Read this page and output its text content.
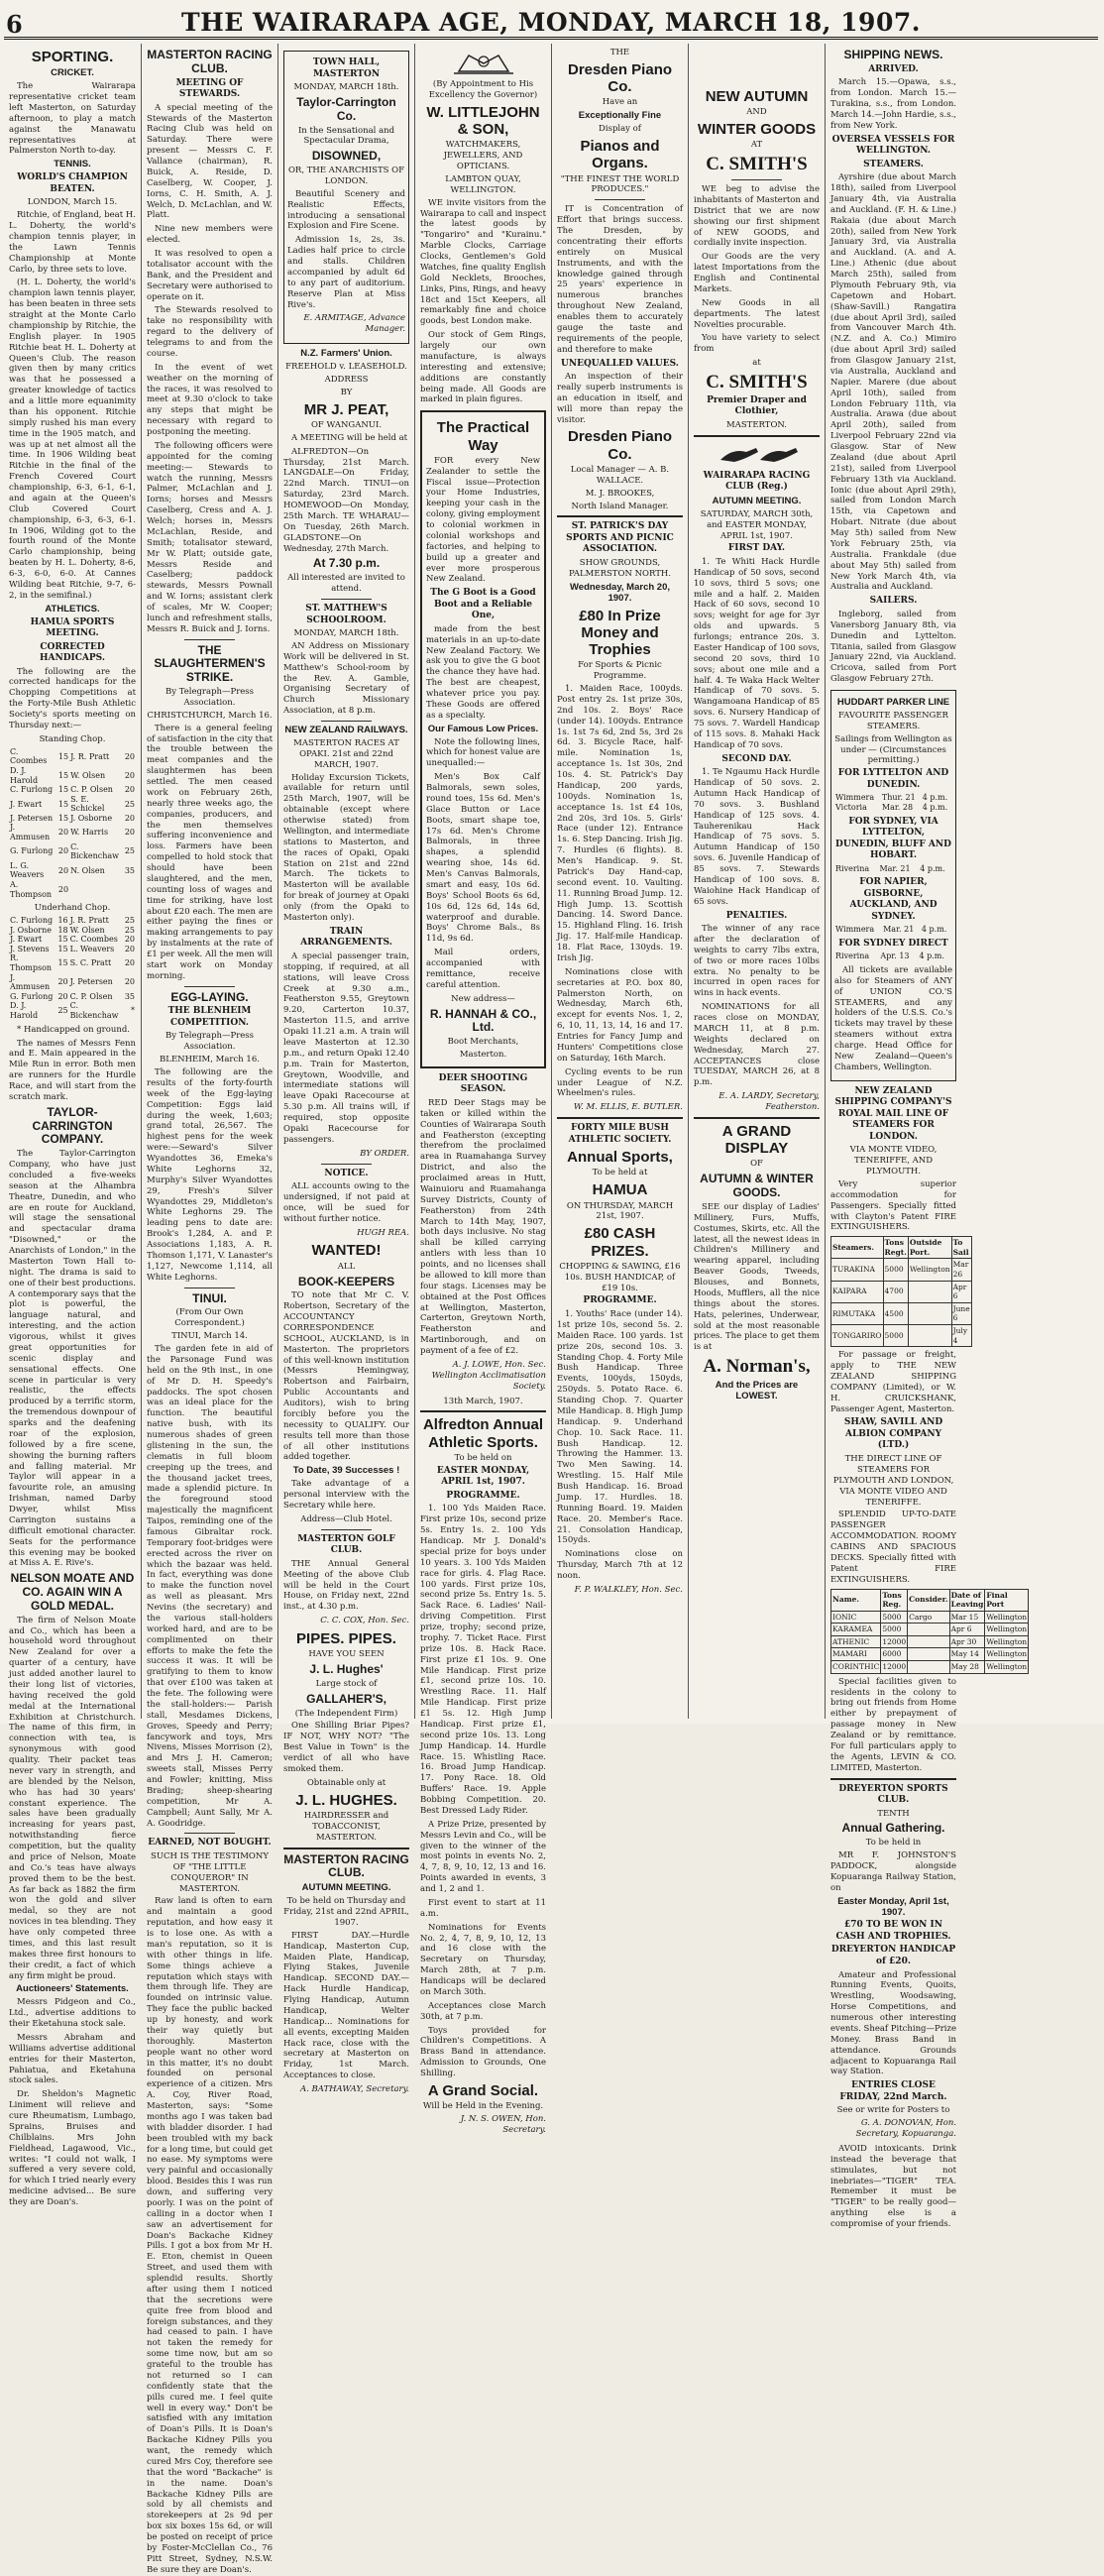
6	THE WAIRARAPA AGE, MONDAY, MARCH 18, 1907.
SPORTING.
CRICKET.

The Wairarapa representative cricket team left Masterton, on Saturday afternoon, to play a match against the Manawatu representatives at Palmerston North to-day.

TENNIS.
WORLD'S CHAMPION BEATEN.
LONDON, March 15.

Ritchie, of England, beat H. L. Doherty, the world's champion tennis player, in the Lawn Tennis Championship at Monte Carlo, by three sets to love.

(H. L. Doherty, the world's champion lawn tennis player, has been beaten in three sets straight at the Monte Carlo championship by Ritchie, the English player. In 1905 Ritchie beat H. L. Doherty at Queen's Club. The reason given then by many critics was that he possessed a greater knowledge of tactics and a little more equanimity than his opponent. Ritchie simply rushed his man every time in the 1905 match, and was up at net almost all the time. In 1906 Wilding beat Ritchie in the final of the French Covered Court championship, 6-3, 6-1, 6-1, and again at the Queen's Club Covered Court championship, 6-3, 6-3, 6-1. In 1906, Wilding got to the fourth round of the Monte Carlo championship, being beaten by H. L. Doherty, 8-6, 6-3, 6-0, 6-0. At Cannes Wilding beat Ritchie, 9-7, 6-2, in the semifinal.)

ATHLETICS.
HAMUA SPORTS MEETING.
CORRECTED HANDICAPS.

The following are the corrected handicaps for the Chopping Competitions at the Forty-Mile Bush Athletic Society's sports meeting on Thursday next:—

Standing Chop.
C. Coombes	15	J. R. Pratt	20
D. J. Harold	15	W. Olsen	20
C. Furlong	15	C. P. Olsen	20
J. Ewart	15	S. E. Schickel	25
J. Petersen	15	J. Osborne	20
J. Ammusen	20	W. Harris	20
G. Furlong	20	C. Bickenchaw	25
L. G. Weavers	20	N. Olsen	35
A. Thompson	20		
Underhand Chop.
C. Furlong	16	J. R. Pratt	25
J. Osborne	18	W. Olsen	25
J. Ewart	15	C. Coombes	20
J. Stevens	15	L. Weavers	20
R. Thompson	15	S. C. Pratt	20
J. Ammusen	20	J. Petersen	20
G. Furlong	20	C. P. Olsen	35
D. J. Harold	25	C. Bickenchaw	*

* Handicapped on ground.

The names of Messrs Fenn and E. Main appeared in the Mile Run in error. Both men are runners for the Hurdle Race, and will start from the scratch mark.

TAYLOR-CARRINGTON COMPANY.

The Taylor-Carrington Company, who have just concluded a five-weeks season at the Alhambra Theatre, Dunedin, and who are en route for Auckland, will stage the sensational and spectacular drama "Disowned," or the Anarchists of London," in the Masterton Town Hall to-night. The drama is said to one of their best productions. A contemporary says that the plot is powerful, the language natural, and interesting, and the action vigorous, whilst it gives great opportunities for scenic display and sensational effects. One scene in particular is very realistic, the effects produced by a terrific storm, the tremendous downpour of sparks and the deafening roar of the explosion, followed by a fire scene, showing the burning rafters and falling material. Mr Taylor will appear in a favourite role, an amusing Irishman, named Darby Dwyer, whilst Miss Carrington sustains a difficult emotional character. Seats for the performance this evening may be booked at Miss A. E. Rive's.

NELSON MOATE AND CO. AGAIN WIN A GOLD MEDAL.

The firm of Nelson Moate and Co., which has been a household word throughout New Zealand for over a quarter of a century, have just added another laurel to their long list of victories, having received the gold medal at the International Exhibition at Christchurch. The name of this firm, in connection with tea, is synonymous with good quality. Their packet teas never vary in strength, and are blended by the Nelson, who has had 30 years' constant experience. The sales have been gradually increasing for years past, notwithstanding fierce competition, but the quality and price of Nelson, Moate and Co.'s teas have always proved them to be the best. As far back as 1882 the firm won the gold and silver medal, so they are not novices in tea blending. They have only competed three times, and this last result makes three first honours to their credit, a fact of which any firm might be proud.

Auctioneers' Statements.

Messrs Pidgeon and Co., Ltd., advertise additions to their Eketahuna stock sale.

Messrs Abraham and Williams advertise additional entries for their Masterton, Pahiatua, and Eketahuna stock sales.

Dr. Sheldon's Magnetic Liniment will relieve and cure Rheumatism, Lumbago, Sprains, Bruises and Chilblains. Mrs John Fieldhead, Lagawood, Vic., writes: "I could not walk, I suffered a very severe cold, for which I tried nearly every medicine advised... Be sure they are Doan's.

MASTERTON RACING CLUB.
MEETING OF STEWARDS.

A special meeting of the Stewards of the Masterton Racing Club was held on Saturday. There were present — Messrs C. F. Vallance (chairman), R. Buick, A. Reside, D. Caselberg, W. Cooper, J. Iorns, C. H. Smith, A. J. Welch, D. McLachlan, and W. Platt.

Nine new members were elected.

It was resolved to open a totalisator account with the Bank, and the President and Secretary were authorised to operate on it.

The Stewards resolved to take no responsibility with regard to the delivery of telegrams to and from the course.

In the event of wet weather on the morning of the races, it was resolved to meet at 9.30 o'clock to take any steps that might be necessary with regard to postponing the meeting.

The following officers were appointed for the coming meeting:— Stewards to watch the running, Messrs Palmer, McLachlan and J. Iorns; horses and Messrs Caselberg, Cress and A. J. Welch; horses in, Messrs McLachlan, Reside, and Smith; totalisator steward, Mr W. Platt; outside gate, Messrs Reside and Caselberg; paddock stewards, Messrs Pownall and W. Iorns; assistant clerk of scales, Mr W. Cooper; lunch and refreshment stalls, Messrs R. Buick and J. Iorns.

THE SLAUGHTERMEN'S STRIKE.
By Telegraph—Press Association.
CHRISTCHURCH, March 16.

There is a general feeling of satisfaction in the city that the trouble between the meat companies and the slaughtermen has been settled. The men ceased work on February 26th, nearly three weeks ago, the companies, producers, and the men themselves suffering inconvenience and loss. Farmers have been compelled to hold stock that should have been slaughtered, and the men, counting loss of wages and time for striking, have lost about £20 each. The men are either paying the fines or making arrangements to pay by instalments at the rate of £1 per week. All the men will start work on Monday morning.

EGG-LAYING.
THE BLENHEIM COMPETITION.
By Telegraph—Press Association.
BLENHEIM, March 16.

The following are the results of the forty-fourth week of the Egg-laying Competition: Eggs laid during the week, 1,603; grand total, 26,567. The highest pens for the week were:—Seward's Silver Wyandottes 36, Emeka's White Leghorns 32, Murphy's Silver Wyandottes 29, Fresh's Silver Wyandottes 29, Middleton's White Leghorns 29. The leading pens to date are: Brook's 1,284, A. and P. Associations 1,183, A. R. Thomson 1,171, V. Lanaster's 1,127, Newcome 1,114, all White Leghorns.

TINUI.
(From Our Own Correspondent.)
TINUI, March 14.

The garden fete in aid of the Parsonage Fund was held on the 9th inst., in one of Mr D. H. Speedy's paddocks. The spot chosen was an ideal place for the function. The beautiful native bush, with its numerous shades of green glistening in the sun, the clematis in full bloom creeping up the trees, and the thousand jacket trees, made a splendid picture. In the foreground stood majestically the magnificent Taipos, reminding one of the famous Gibraltar rock. Temporary foot-bridges were erected across the river on which the bazaar was held. In fact, everything was done to make the function novel as well as pleasant. Mrs Nevins (the secretary) and the various stall-holders worked hard, and are to be complimented on their efforts to make the fete the success it was. It will be gratifying to them to know that over £100 was taken at the fete. The following were the stall-holders:— Parish stall, Mesdames Dickens, Groves, Speedy and Perry; fancywork and toys, Mrs Nivens, Misses Morrison (2), and Mrs J. H. Cameron; sweets stall, Misses Perry and Fowler; knitting, Miss Brading; sheep-shearing competition, Mr A. Campbell; Aunt Sally, Mr A. A. Goodridge.

EARNED, NOT BOUGHT.
SUCH IS THE TESTIMONY OF "THE LITTLE CONQUEROR" IN MASTERTON.

Raw land is often to earn and maintain a good reputation, and how easy it is to lose one. As with a man's reputation, so it is with other things in life. Some things achieve a reputation which stays with them through life. They are founded on intrinsic value. They face the public backed up by honesty, and work their way quietly but thoroughly. Masterton people want no other word in this matter, it's no doubt founded on personal experience of a citizen. Mrs A. Coy, River Road, Masterton, says: "Some months ago I was taken bad with bladder disorder. I had been troubled with my back for a long time, but could get no ease. My symptoms were very painful and occasionally blood. Besides this I was run down, and suffering very poorly. I was on the point of calling in a doctor when I saw an advertisement for Doan's Backache Kidney Pills. I got a box from Mr H. E. Eton, chemist in Queen Street, and used them with splendid results. Shortly after using them I noticed that the secretions were quite free from blood and foreign substances, and they had ceased to pain. I have not taken the remedy for some time now, but am so grateful to the trouble has not returned so I can confidently state that the pills cured me. I feel quite well in every way." Don't be satisfied with any imitation of Doan's Pills. It is Doan's Backache Kidney Pills you want, the remedy which cured Mrs Coy, therefore see that the word "Backache" is in the name. Doan's Backache Kidney Pills are sold by all chemists and storekeepers at 2s 9d per box six boxes 15s 6d, or will be posted on receipt of price by Foster-McClellan Co., 76 Pitt Street, Sydney, N.S.W. Be sure they are Doan's.

TOWN HALL, MASTERTON
MONDAY, MARCH 18th.
Taylor-Carrington Co.
In the Sensational and Spectacular Drama,
DISOWNED,
OR, THE ANARCHISTS OF LONDON.

Beautiful Scenery and Realistic Effects, introducing a sensational Explosion and Fire Scene.

Admission 1s, 2s, 3s. Ladies half price to circle and stalls. Children accompanied by adult 6d to any part of auditorium. Reserve Plan at Miss Rive's.

E. ARMITAGE, Advance Manager.
N.Z. Farmers' Union.
FREEHOLD v. LEASEHOLD.
ADDRESS
BY
MR J. PEAT,
OF WANGANUI.

A MEETING will be held at

ALFREDTON—On Thursday, 21st March. LANGDALE—On Friday, 22nd March. TINUI—on Saturday, 23rd March. HOMEWOOD—On Monday, 25th March. TE WHARAU—On Tuesday, 26th March. GLADSTONE—On Wednesday, 27th March.

At 7.30 p.m.
All interested are invited to attend.
ST. MATTHEW'S SCHOOLROOM.
MONDAY, MARCH 18th.

AN Address on Missionary Work will be delivered in St. Matthew's School-room by the Rev. A. Gamble, Organising Secretary of Church Missionary Association, at 8 p.m.

NEW ZEALAND RAILWAYS.
MASTERTON RACES AT OPAKI. 21st and 22nd MARCH, 1907.

Holiday Excursion Tickets, available for return until 25th March, 1907, will be obtainable (except where otherwise stated) from Wellington, and intermediate stations to Masterton, and the races of Opaki, Opaki Station on 21st and 22nd March. The tickets to Masterton will be available for break of journey at Opaki only (from the Opaki to Masterton only).

TRAIN ARRANGEMENTS.

A special passenger train, stopping, if required, at all stations, will leave Cross Creek at 9.30 a.m., Featherston 9.55, Greytown 9.20, Carterton 10.37, Masterton 11.5, and arrive Opaki 11.21 a.m. A train will leave Masterton at 12.30 p.m., and return Opaki 12.40 p.m. Train for Masterton, Greytown, Woodville, and intermediate stations will leave Opaki Racecourse at 5.30 p.m. All trains will, if required, stop opposite Opaki Racecourse for passengers.

BY ORDER.
NOTICE.

ALL accounts owing to the undersigned, if not paid at once, will be sued for without further notice.

HUGH REA.
WANTED!
ALL
BOOK-KEEPERS

TO note that Mr C. V. Robertson, Secretary of the ACCOUNTANCY CORRESPONDENCE SCHOOL, AUCKLAND, is in Masterton. The proprietors of this well-known institution (Messrs Hemingway, Robertson and Fairbairn, Public Accountants and Auditors), wish to bring forcibly before you the necessity to QUALIFY. Our results tell more than those of all other institutions added together.

To Date, 39 Successes !

Take advantage of a personal interview with the Secretary while here.

Address—Club Hotel.
MASTERTON GOLF CLUB.

THE Annual General Meeting of the above Club will be held in the Court House, on Friday next, 22nd inst., at 4.30 p.m.

C. C. COX, Hon. Sec.
PIPES. PIPES.
HAVE YOU SEEN
J. L. Hughes'
Large stock of
GALLAHER'S,
(The Independent Firm)

One Shilling Briar Pipes? IF NOT, WHY NOT? "The Best Value in Town" is the verdict of all who have smoked them.

Obtainable only at
J. L. HUGHES.
HAIRDRESSER and TOBACCONIST, MASTERTON.
MASTERTON RACING CLUB.
AUTUMN MEETING.
To be held on Thursday and Friday, 21st and 22nd APRIL, 1907.

FIRST DAY.—Hurdle Handicap, Masterton Cup, Maiden Plate, Handicap, Flying Stakes, Juvenile Handicap. SECOND DAY.—Hack Hurdle Handicap, Flying Handicap, Autumn Handicap, Welter Handicap... Nominations for all events, excepting Maiden Hack race, close with the secretary at Masterton on Friday, 1st March. Acceptances to close.

A. BATHAWAY, Secretary.
(By Appointment to His Excellency the Governor)
W. LITTLEJOHN & SON,
WATCHMAKERS, JEWELLERS, AND OPTICIANS.
LAMBTON QUAY, WELLINGTON.

WE invite visitors from the Wairarapa to call and inspect the latest goods by "Tongariro" and "Kurainu." Marble Clocks, Carriage Clocks, Gentlemen's Gold Watches, fine quality English Gold Necklets, Brooches, Links, Pins, Rings, and heavy 18ct and 15ct Keepers, all remarkably fine and choice goods, best London make.

Our stock of Gem Rings, largely our own manufacture, is always interesting and extensive; additions are constantly being made. All Goods are marked in plain figures.

The Practical Way

FOR every New Zealander to settle the Fiscal issue—Protection your Home Industries, keeping your cash in the colony, giving employment to colonial workmen in colonial workshops and factories, and helping to build up a greater and ever more prosperous New Zealand.

The G Boot is a Good Boot and a Reliable One,

made from the best materials in an up-to-date New Zealand Factory. We ask you to give the G boot the chance they have had. The best are cheapest, whatever price you pay. These Goods are offered as a specialty.

Our Famous Low Prices.

Note the following lines, which for honest value are unequalled:—

Men's Box Calf Balmorals, sewn soles, round toes, 15s 6d. Men's Glace Button or Lace Boots, smart shape toe, 17s 6d. Men's Chrome Balmorals, in three shapes, a splendid wearing shoe, 14s 6d. Men's Canvas Balmorals, smart and easy, 10s 6d. Boys' School Boots 6s 6d, 10s 6d, 12s 6d, 14s 6d, waterproof and durable. Boys' Chrome Bals., 8s 11d, 9s 6d.

Mail orders, accompanied with remittance, receive careful attention.

New address—
R. HANNAH & CO., Ltd.
Boot Merchants,
Masterton.
DEER SHOOTING SEASON.

RED Deer Stags may be taken or killed within the Counties of Wairarapa South and Featherston (excepting therefrom the proclaimed area in Ruamahanga Survey District, and also the proclaimed areas in Hutt, Wainuioru and Ruamahanga Survey Districts, County of Featherston) from 24th March to 14th May, 1907, both days inclusive. No stag shall be killed carrying antlers with less than 10 points, and no licenses shall be allowed to kill more than four stags. Licenses may be obtained at the Post Offices at Wellington, Masterton, Carterton, Greytown North, Featherston and Martinborough, and on payment of a fee of £2.

A. J. LOWE, Hon. Sec. Wellington Acclimatisation Society.
13th March, 1907.
Alfredton Annual Athletic Sports.
To be held on
EASTER MONDAY, APRIL 1st, 1907.
PROGRAMME.

1. 100 Yds Maiden Race. First prize 10s, second prize 5s. Entry 1s. 2. 100 Yds Handicap. Mr J. Donald's special prize for boys under 10 years. 3. 100 Yds Maiden race for girls. 4. Flag Race. 100 yards. First prize 10s, second prize 5s. Entry 1s. 5. Sack Race. 6. Ladies' Nail-driving Competition. First prize, trophy; second prize, trophy. 7. Ticket Race. First prize 10s. 8. Hack Race. First prize £1 10s. 9. One Mile Handicap. First prize £1, second prize 10s. 10. Wrestling Race. 11. Half Mile Handicap. First prize £1 5s. 12. High Jump Handicap. First prize £1, second prize 10s. 13. Long Jump Handicap. 14. Hurdle Race. 15. Whistling Race. 16. Broad Jump Handicap. 17. Pony Race. 18. Old Buffers' Race. 19. Apple Bobbing Competition. 20. Best Dressed Lady Rider.

A Prize Prize, presented by Messrs Levin and Co., will be given to the winner of the most points in events No. 2, 4, 7, 8, 9, 10, 12, 13 and 16. Points awarded in events, 3 and 1, 2 and 1.

First event to start at 11 a.m.

Nominations for Events No. 2, 4, 7, 8, 9, 10, 12, 13 and 16 close with the Secretary on Thursday, March 28th, at 7 p.m. Handicaps will be declared on March 30th.

Acceptances close March 30th, at 7 p.m.

Toys provided for Children's Competitions. A Brass Band in attendance. Admission to Grounds, One Shilling.

A Grand Social.
Will be Held in the Evening.
J. N. S. OWEN, Hon. Secretary.
THE
Dresden Piano Co.
Have an
Exceptionally Fine
Display of
Pianos and Organs.
"THE FINEST THE WORLD PRODUCES."

IT is Concentration of Effort that brings success. The Dresden, by concentrating their efforts entirely on Musical Instruments, and with the knowledge gained through 25 years' experience in numerous branches throughout New Zealand, enables them to accurately gauge the taste and requirements of the people, and therefore to make

UNEQUALLED VALUES.

An inspection of their really superb instruments is an education in itself, and will more than repay the visitor.

Dresden Piano Co.
Local Manager — A. B. WALLACE.
M. J. BROOKES,
North Island Manager.
ST. PATRICK'S DAY SPORTS AND PICNIC ASSOCIATION.
SHOW GROUNDS, PALMERSTON NORTH.
Wednesday, March 20, 1907.
£80 In Prize Money and Trophies
For Sports & Picnic Programme.

1. Maiden Race, 100yds. Post entry 2s. 1st prize 30s, 2nd 10s. 2. Boys' Race (under 14). 100yds. Entrance 1s. 1st 7s 6d, 2nd 5s, 3rd 2s 6d. 3. Bicycle Race, half-mile. Nomination 1s, acceptance 1s. 1st 30s, 2nd 10s. 4. St. Patrick's Day Handicap, 200 yards, 100yds. Nomination 1s, acceptance 1s. 1st £4 10s, 2nd 20s, 3rd 10s. 5. Girls' Race (under 12). Entrance 1s. 6. Step Dancing. Irish Jig. 7. Hurdles (6 flights). 8. Men's Handicap. 9. St. Patrick's Day Hand-cap, second event. 10. Vaulting. 11. Running Broad Jump. 12. High Jump. 13. Scottish Dancing. 14. Sword Dance. 15. Highland Fling. 16. Irish Jig. 17. Half-mile Handicap. 18. Flat Race, 130yds. 19. Irish Jig.

Nominations close with secretaries at P.O. box 80, Palmerston North, on Wednesday, March 6th, except for events Nos. 1, 2, 6, 10, 11, 13, 14, 16 and 17. Entries for Fancy Jump and Hunters' Competitions close on Saturday, 16th March.

Cycling events to be run under League of N.Z. Wheelmen's rules.

W. M. ELLIS, E. BUTLER.
FORTY MILE BUSH ATHLETIC SOCIETY.
Annual Sports,
To be held at
HAMUA
ON THURSDAY, MARCH 21st, 1907.
£80 CASH PRIZES.
CHOPPING & SAWING, £16 10s. BUSH HANDICAP, of £19 10s.
PROGRAMME.

1. Youths' Race (under 14). 1st prize 10s, second 5s. 2. Maiden Race. 100 yards. 1st prize 20s, second 10s. 3. Standing Chop. 4. Forty Mile Bush Handicap. Three Events, 100yds, 150yds, 250yds. 5. Potato Race. 6. Standing Chop. 7. Quarter Mile Handicap. 8. High Jump Handicap. 9. Underhand Chop. 10. Sack Race. 11. Bush Handicap. 12. Throwing the Hammer. 13. Two Men Sawing. 14. Wrestling. 15. Half Mile Bush Handicap. 16. Broad Jump. 17. Hurdles. 18. Running Board. 19. Maiden Race. 20. Member's Race. 21. Consolation Handicap, 150yds.

Nominations close on Thursday, March 7th at 12 noon.

F. P. WALKLEY, Hon. Sec.
NEW AUTUMN
AND
WINTER GOODS
AT
C. SMITH'S

WE beg to advise the inhabitants of Masterton and District that we are now showing our first shipment of NEW GOODS, and cordially invite inspection.

Our Goods are the very latest Importations from the English and Continental Markets.

New Goods in all departments. The latest Novelties procurable.

You have variety to select from

at
C. SMITH'S
Premier Draper and Clothier,
MASTERTON.
WAIRARAPA RACING CLUB (Reg.)
AUTUMN MEETING.
SATURDAY, MARCH 30th, and EASTER MONDAY, APRIL 1st, 1907.
FIRST DAY.

1. Te Whiti Hack Hurdle Handicap of 50 sovs, second 10 sovs, third 5 sovs; one mile and a half. 2. Maiden Hack of 60 sovs, second 10 sovs; weight for age for 3yr olds and upwards. 5 furlongs; entrance 20s. 3. Easter Handicap of 100 sovs, second 20 sovs, third 10 sovs; about one mile and a half. 4. Te Waka Hack Welter Handicap of 70 sovs. 5. Wangamoana Handicap of 85 sovs. 6. Nursery Handicap of 75 sovs. 7. Wardell Handicap of 115 sovs. 8. Mahaki Hack Handicap of 70 sovs.

SECOND DAY.

1. Te Ngaumu Hack Hurdle Handicap of 50 sovs. 2. Autumn Hack Handicap of 70 sovs. 3. Bushland Handicap of 125 sovs. 4. Tauherenikau Hack Handicap of 75 sovs. 5. Autumn Handicap of 150 sovs. 6. Juvenile Handicap of 85 sovs. 7. Stewards Handicap of 100 sovs. 8. Waiohine Hack Handicap of 65 sovs.

PENALTIES.

The winner of any race after the declaration of weights to carry 7lbs extra, of two or more races 10lbs extra. No penalty to be incurred in open races for wins in hack events.

NOMINATIONS for all races close on MONDAY, MARCH 11, at 8 p.m. Weights declared on Wednesday, March 27. ACCEPTANCES close TUESDAY, MARCH 26, at 8 p.m.

E. A. LARDY, Secretary, Featherston.
A GRAND DISPLAY
OF
AUTUMN & WINTER GOODS.

SEE our display of Ladies' Millinery, Furs, Muffs, Costumes, Skirts, etc. All the latest, all the newest ideas in Children's Millinery and wearing apparel, including Beaver Goods, Tweeds, Blouses, and Bonnets, Hoods, Mufflers, all the nice things about the stores. Hats, pelerines, Underwear, sold at the most reasonable prices. The place to get them is at

A. Norman's,
And the Prices are LOWEST.
SHIPPING NEWS.
ARRIVED.

March 15.—Opawa, s.s., from London. March 15.—Turakina, s.s., from London. March 14.—John Hardie, s.s., from New York.

OVERSEA VESSELS FOR WELLINGTON.
STEAMERS.

Ayrshire (due about March 18th), sailed from Liverpool January 4th, via Australia and Auckland. (F. H. & Line.) Rakaia (due about March 20th), sailed from New York January 3rd, via Australia and Auckland. (A. and A. Line.) Athenic (due about March 25th), sailed from Plymouth February 9th, via Capetown and Hobart. (Shaw-Savill.) Rangatira (due about April 3rd), sailed from Vancouver March 4th. (N.Z. and A. Co.) Mimiro (due about April 3rd) sailed from Glasgow January 21st, via Australia, Auckland and Napier. Marere (due about April 10th), sailed from London February 11th, via Australia. Arawa (due about April 20th), sailed from Liverpool February 22nd via Glasgow. Star of New Zealand (due about April 21st), sailed from Liverpool February 13th via Auckland. Ionic (due about April 29th), sailed from London March 15th, via Capetown and Hobart. Nitrate (due about May 5th) sailed from New York February 25th, via Australia. Frankdale (due about May 5th) sailed from New York March 4th, via Australia and Auckland.

SAILERS.

Ingleborg, sailed from Vanersborg January 8th, via Dunedin and Lyttelton. Titania, sailed from Glasgow January 22nd, via Auckland. Cricova, sailed from Port Glasgow February 27th.

HUDDART PARKER LINE
FAVOURITE PASSENGER STEAMERS.
Sailings from Wellington as under — (Circumstances permitting.)
FOR LYTTELTON AND DUNEDIN.
Wimmera	Thur. 21	4 p.m.
Victoria	Mar. 28	4 p.m.
FOR SYDNEY, VIA LYTTELTON, DUNEDIN, BLUFF AND HOBART.
Riverina	Mar. 21	4 p.m.
FOR NAPIER, GISBORNE, AUCKLAND, AND SYDNEY.
Wimmera	Mar. 21	4 p.m.
FOR SYDNEY DIRECT
Riverina	Apr. 13	4 p.m.

All tickets are available also for Steamers of ANY of UNION CO.'S STEAMERS, and any holders of the U.S.S. Co.'s tickets may travel by these steamers without extra charge. Head Office for New Zealand—Queen's Chambers, Wellington.

NEW ZEALAND SHIPPING COMPANY'S ROYAL MAIL LINE OF STEAMERS FOR LONDON.
VIA MONTE VIDEO, TENERIFFE, AND PLYMOUTH.

Very superior accommodation for Passengers. Specially fitted with Clayton's Patent FIRE EXTINGUISHERS.

Steamers.	Tons Regt.	Outside Port.	To Sail
TURAKINA	5000	Wellington	Mar 26
KAIPARA	4700		Apr 6
RIMUTAKA	4500		June 6
TONGARIRO	5000		July 4

For passage or freight, apply to THE NEW ZEALAND SHIPPING COMPANY (Limited), or W. H. CRUICKSHANK, Passenger Agent, Masterton.

SHAW, SAVILL AND ALBION COMPANY (LTD.)
THE DIRECT LINE OF STEAMERS FOR PLYMOUTH AND LONDON, VIA MONTE VIDEO AND TENERIFFE.

SPLENDID UP-TO-DATE PASSENGER ACCOMMODATION. ROOMY CABINS AND SPACIOUS DECKS. Specially fitted with Patent FIRE EXTINGUISHERS.

Name.	Tons Reg.	Consider.	Date of Leaving	Final Port
IONIC	5000	Cargo	Mar 15	Wellington
KARAMEA	5000		Apr 6	Wellington
ATHENIC	12000		Apr 30	Wellington
MAMARI	6000		May 14	Wellington
CORINTHIC	12000		May 28	Wellington

Special facilities given to residents in the colony to bring out friends from Home either by prepayment of passage money in New Zealand or by remittance. For full particulars apply to the Agents, LEVIN & CO. LIMITED, Masterton.

DREYERTON SPORTS CLUB.
TENTH
Annual Gathering.
To be held in

MR F. JOHNSTON'S PADDOCK, alongside Kopuaranga Railway Station, on

Easter Monday, April 1st, 1907.
£70 TO BE WON IN CASH AND TROPHIES.
DREYERTON HANDICAP of £20.

Amateur and Professional Running Events, Quoits, Wrestling, Woodsawing, Horse Competitions, and numerous other interesting events. Sheaf Pitching—Prize Money. Brass Band in attendance. Grounds adjacent to Kopuaranga Rail way Station.

ENTRIES CLOSE FRIDAY, 22nd March.
See or write for Posters to
G. A. DONOVAN, Hon. Secretary, Kopuaranga.

AVOID intoxicants. Drink instead the beverage that stimulates, but not inebriates—"TIGER" TEA. Remember it must be "TIGER" to be really good—anything else is a compromise of your friends.
